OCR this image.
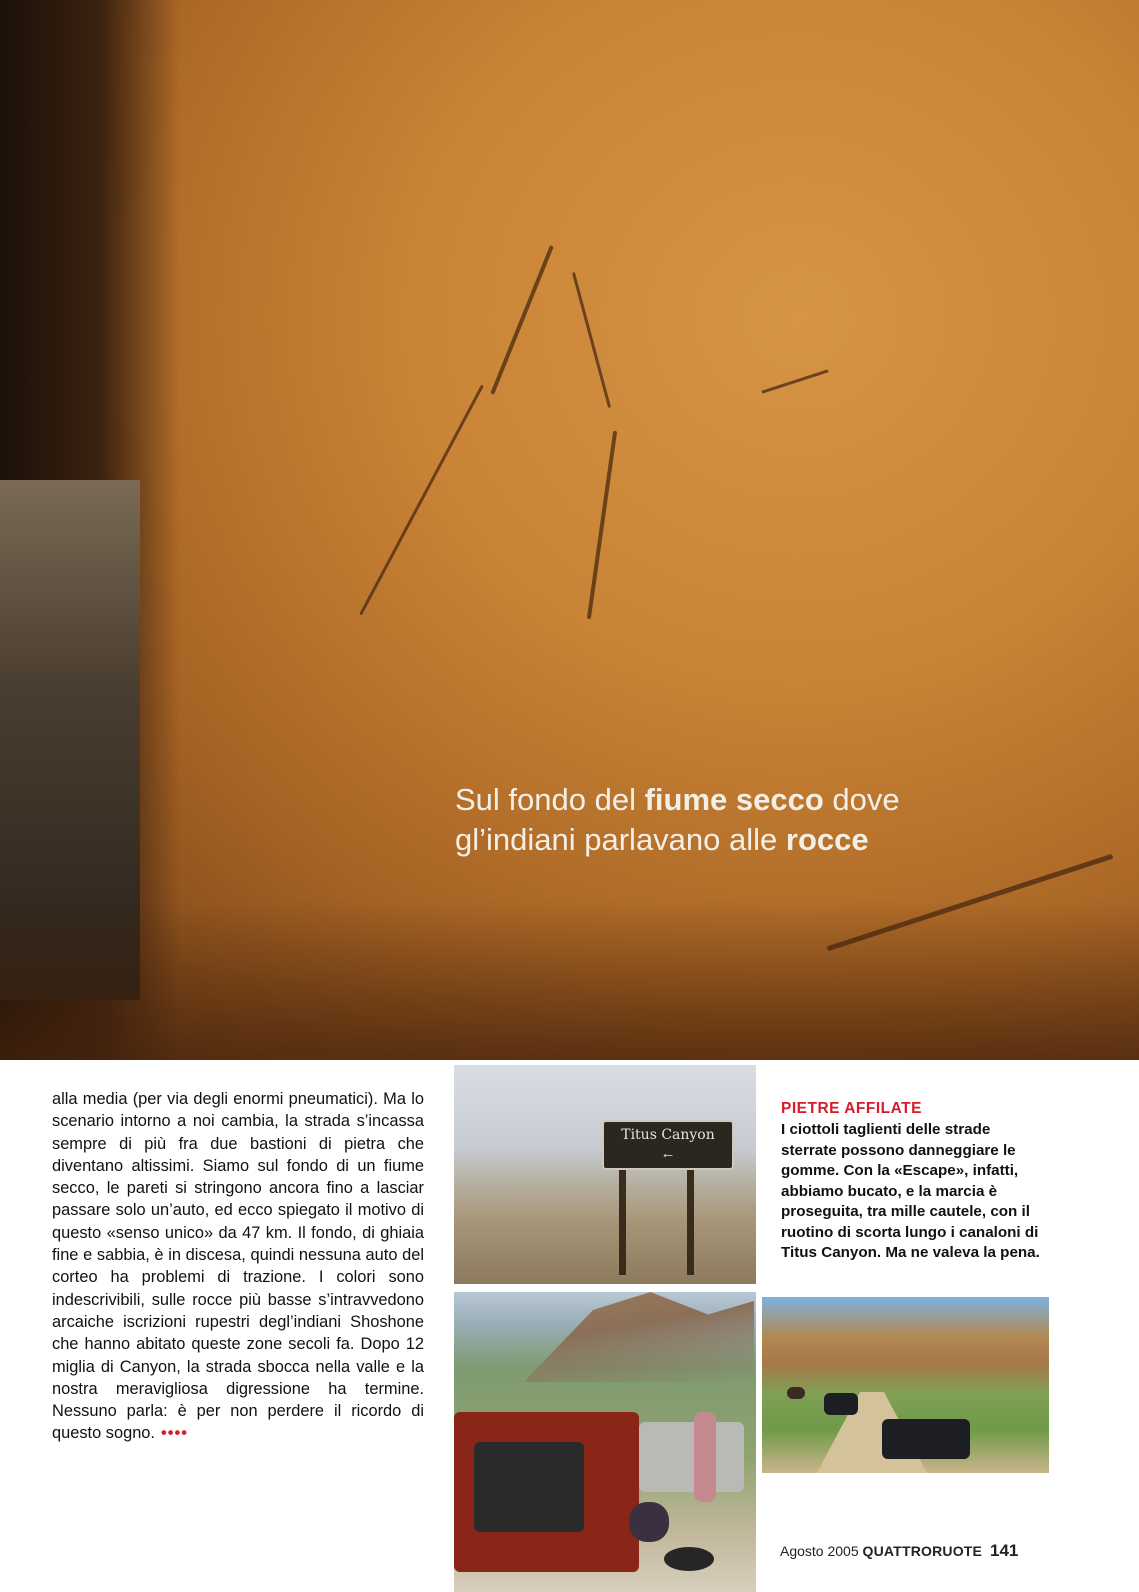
Sul fondo del fiume secco dove
gl’indiani parlavano alle rocce
alla media (per via degli enormi pneumatici). Ma lo scenario intorno a noi cambia, la strada s’incassa sempre di più fra due bastioni di pietra che diventano altissimi. Siamo sul fondo di un fiume secco, le pareti si stringono ancora fino a lasciar passare solo un’auto, ed ecco spiegato il motivo di questo «senso unico» da 47 km. Il fondo, di ghiaia fine e sabbia, è in discesa, quindi nessuna auto del corteo ha problemi di trazione. I colori sono indescrivibili, sulle rocce più basse s’intravvedono arcaiche iscrizioni rupestri degl’indiani Shoshone che hanno abitato queste zone secoli fa. Dopo 12 miglia di Canyon, la strada sbocca nella valle e la nostra meravigliosa digressione ha termine. Nessuno parla: è per non perdere il ricordo di questo sogno. ••••
Titus Canyon
←
PIETRE AFFILATE
I ciottoli taglienti delle strade sterrate possono danneggiare le gomme. Con la «Escape», infatti, abbiamo bucato, e la marcia è proseguita, tra mille cautele, con il ruotino di scorta lungo i canaloni di Titus Canyon. Ma ne valeva la pena.
Agosto 2005 QUATTRORUOTE 141
